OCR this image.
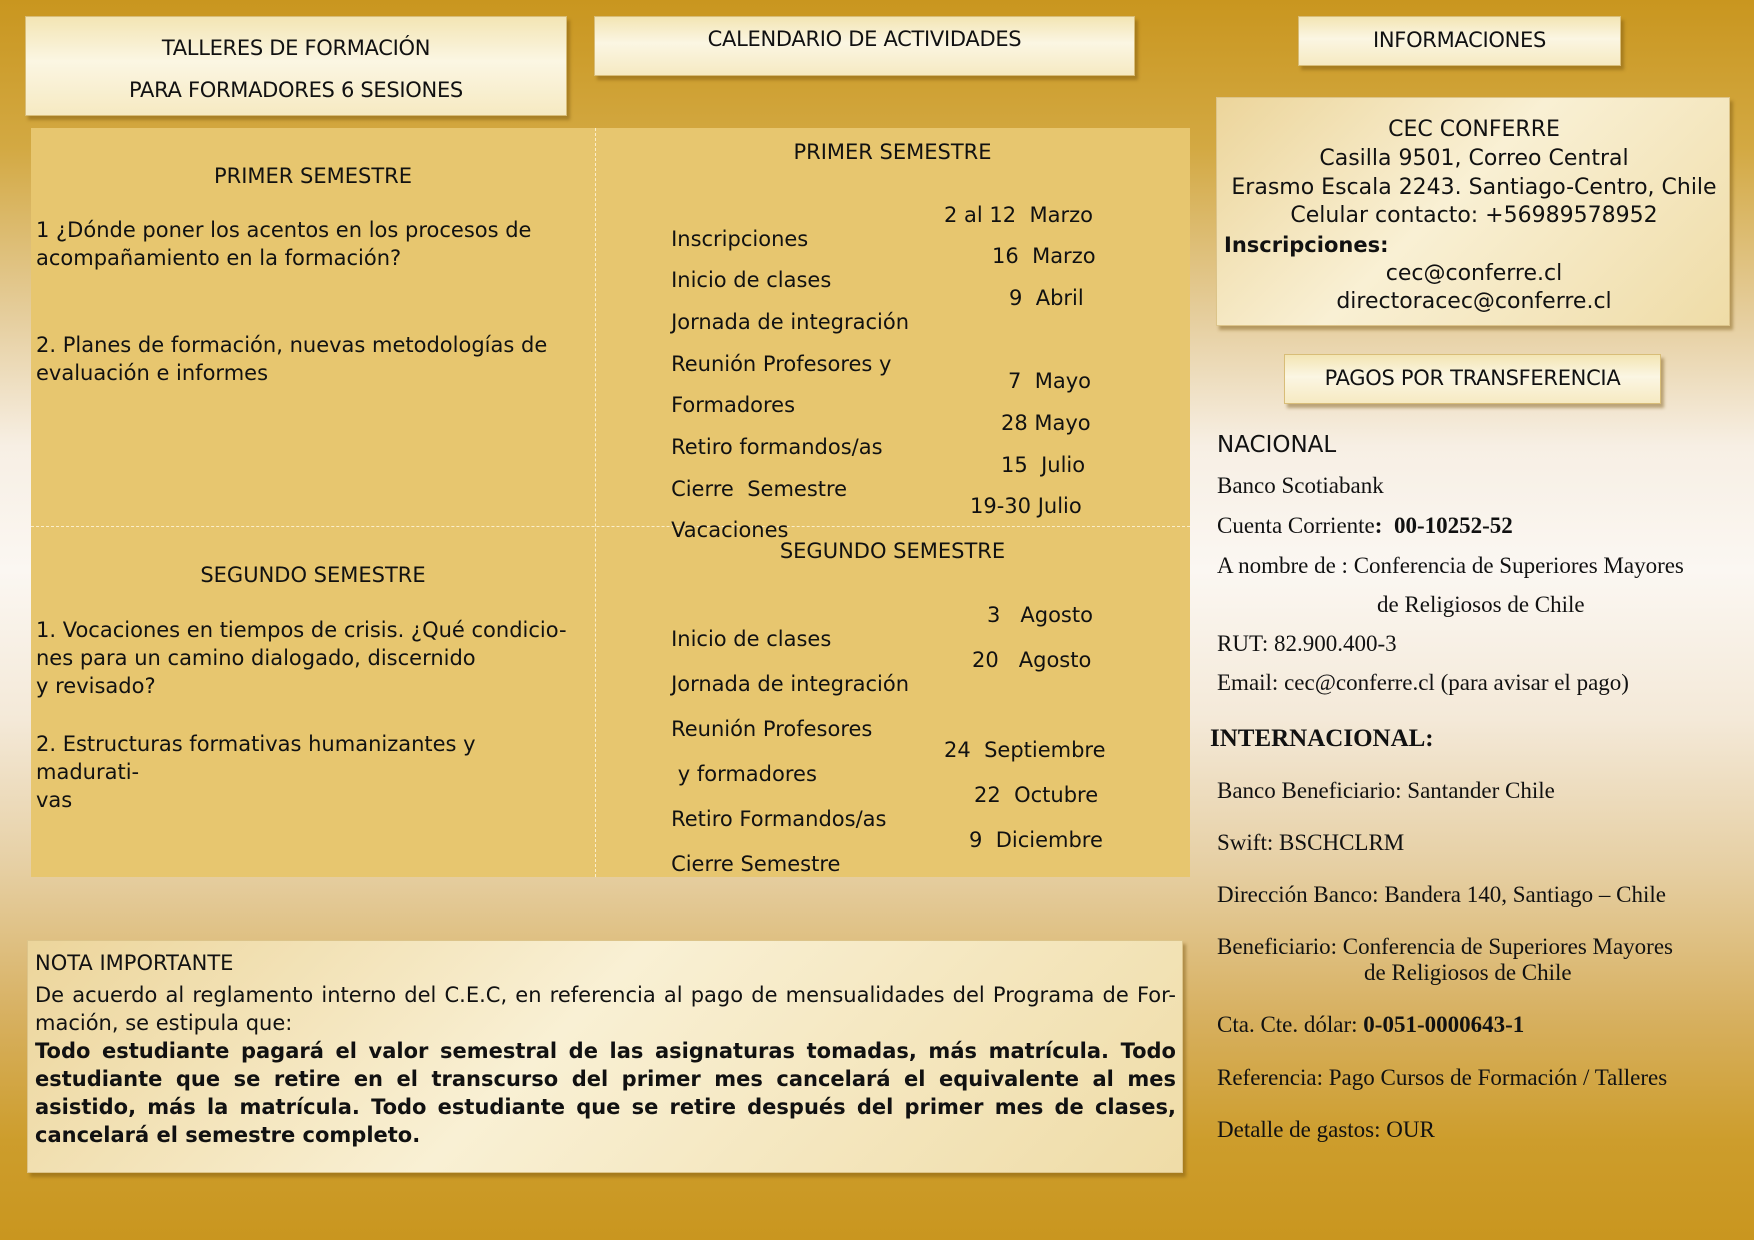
TALLERES DE FORMACIÓN
PARA FORMADORES 6 SESIONES
CALENDARIO DE ACTIVIDADES	INFORMACIONES
PRIMER SEMESTRE
1 ¿Dónde poner los acentos en los procesos de acompañamiento en la formación?
2. Planes de formación, nuevas metodologías de evaluación e informes
SEGUNDO SEMESTRE
1. Vocaciones en tiempos de crisis. ¿Qué condicio-
nes para un camino dialogado, discernido
y revisado?
2. Estructuras formativas humanizantes y madurati-
vas
PRIMER SEMESTRE

Inscripciones

2 al 12  Marzo

Inicio de clases

16  Marzo

Jornada de integración

9  Abril

Reunión Profesores y

Formadores

7  Mayo

Retiro formandos/as

28 Mayo

Cierre  Semestre

15  Julio

Vacaciones

19-30 Julio
SEGUNDO SEMESTRE

Inicio de clases

3   Agosto

Jornada de integración

20   Agosto

Reunión Profesores

y formadores

24  Septiembre

Retiro Formandos/as

22  Octubre

Cierre Semestre

9  Diciembre
CEC CONFERRE
Casilla 9501, Correo Central
Erasmo Escala 2243. Santiago-Centro, Chile
Celular contacto: +56989578952
Inscripciones:
cec@conferre.cl
directoracec@conferre.cl
PAGOS POR TRANSFERENCIA
NACIONAL
Banco Scotiabank
Cuenta Corriente:  00-10252-52
A nombre de : Conferencia de Superiores Mayores
de Religiosos de Chile
RUT: 82.900.400-3
Email: cec@conferre.cl (para avisar el pago)
INTERNACIONAL:
Banco Beneficiario: Santander Chile
Swift: BSCHCLRM
Dirección Banco: Bandera 140, Santiago – Chile
Beneficiario: Conferencia de Superiores Mayores
de Religiosos de Chile
Cta. Cte. dólar: 0-051-0000643-1
Referencia: Pago Cursos de Formación / Talleres
Detalle de gastos: OUR

NOTA IMPORTANTE

De acuerdo al reglamento interno del C.E.C, en referencia al pago de mensualidades del Programa de For-mación, se estipula que:

Todo estudiante pagará el valor semestral de las asignaturas tomadas, más matrícula. Todo estudiante que se retire en el transcurso del primer mes cancelará el equivalente al mes asistido, más la matrícula. Todo estudiante que se retire después del primer mes de clases, cancelará el semestre completo.
